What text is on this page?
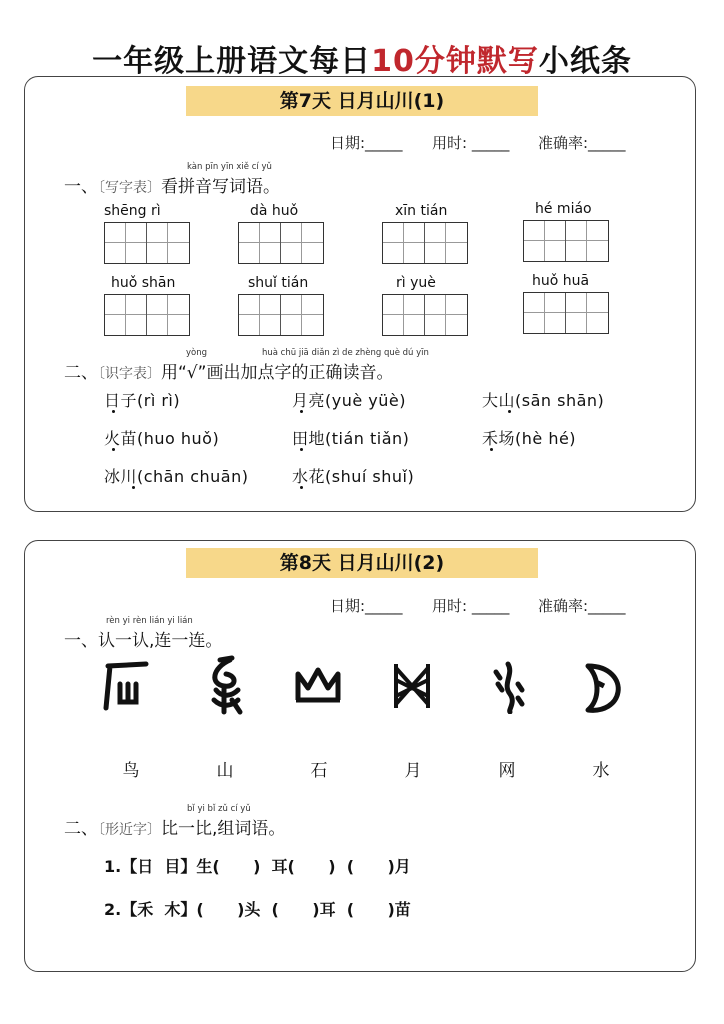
一年级上册语文每日10分钟默写小纸条
第7天 日月山川(1)
日期:_____ 用时: _____ 准确率:_____
kàn pīn yīn xiě cí yǔ
一、〔写字表〕看拼音写词语。
shēng rì	dà huǒ	xīn tián	hé miáo
huǒ shān	shuǐ tián	rì yuè	huǒ huā
yòng	huà chū jiā diǎn zì de zhèng què dú yīn
二、〔识字表〕用“√”画出加点字的正确读音。
日子(rì rì)	月亮(yuè yüè)	大山(sān shān)
火苗(huo huǒ)	田地(tián tiǎn)	禾场(hè hé)
冰川(chān chuān)	水花(shuí shuǐ)
第8天 日月山川(2)
日期:_____ 用时: _____ 准确率:_____
rèn yi rèn lián yi lián
一、认一认,连一连。
鸟	山	石	月	网	水
bǐ yi bǐ zǔ cí yǔ
二、〔形近字〕比一比,组词语。
1.【日  目】生(      )  耳(      )  (      )月
2.【禾  木】(      )头  (      )耳  (      )苗
